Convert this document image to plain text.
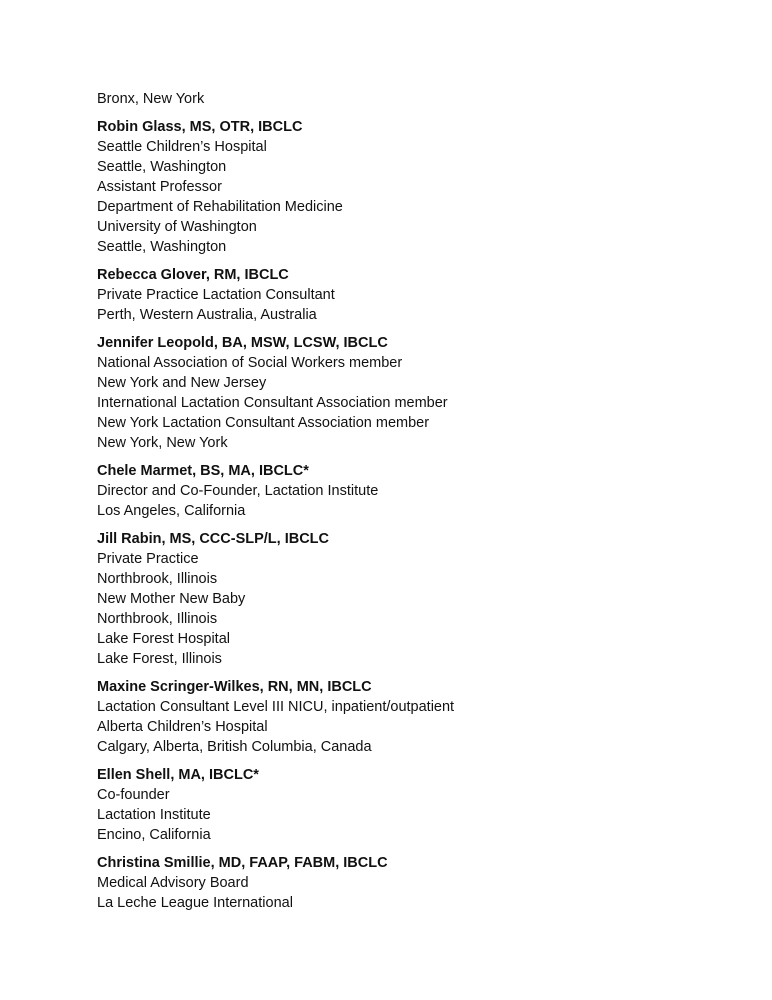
Bronx, New York
Robin Glass, MS, OTR, IBCLC
Seattle Children’s Hospital
Seattle, Washington
Assistant Professor
Department of Rehabilitation Medicine
University of Washington
Seattle, Washington
Rebecca Glover, RM, IBCLC
Private Practice Lactation Consultant
Perth, Western Australia, Australia
Jennifer Leopold, BA, MSW, LCSW, IBCLC
National Association of Social Workers member
New York and New Jersey
International Lactation Consultant Association member
New York Lactation Consultant Association member
New York, New York
Chele Marmet, BS, MA, IBCLC*
Director and Co-Founder, Lactation Institute
Los Angeles, California
Jill Rabin, MS, CCC-SLP/L, IBCLC
Private Practice
Northbrook, Illinois
New Mother New Baby
Northbrook, Illinois
Lake Forest Hospital
Lake Forest, Illinois
Maxine Scringer-Wilkes, RN, MN, IBCLC
Lactation Consultant Level III NICU, inpatient/outpatient
Alberta Children’s Hospital
Calgary, Alberta, British Columbia, Canada
Ellen Shell, MA, IBCLC*
Co-founder
Lactation Institute
Encino, California
Christina Smillie, MD, FAAP, FABM, IBCLC
Medical Advisory Board
La Leche League International
